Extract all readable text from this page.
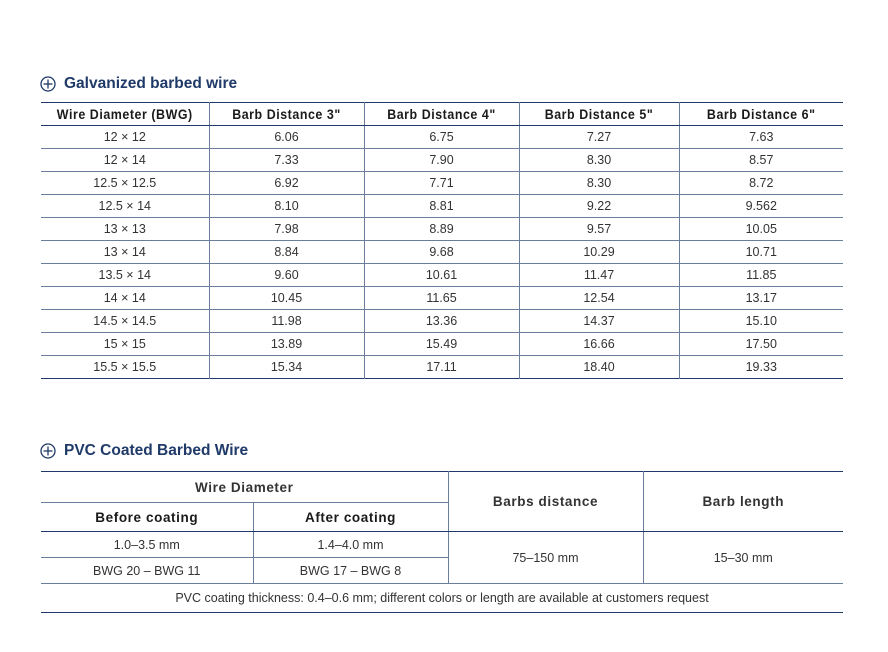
Galvanized barbed wire
Wire Diameter (BWG)	Barb Distance 3"	Barb Distance 4"	Barb Distance 5"	Barb Distance 6"
12 × 12	6.06	6.75	7.27	7.63
12 × 14	7.33	7.90	8.30	8.57
12.5 × 12.5	6.92	7.71	8.30	8.72
12.5 × 14	8.10	8.81	9.22	9.562
13 × 13	7.98	8.89	9.57	10.05
13 × 14	8.84	9.68	10.29	10.71
13.5 × 14	9.60	10.61	11.47	11.85
14 × 14	10.45	11.65	12.54	13.17
14.5 × 14.5	11.98	13.36	14.37	15.10
15 × 15	13.89	15.49	16.66	17.50
15.5 × 15.5	15.34	17.11	18.40	19.33
PVC Coated Barbed Wire
Wire Diameter		Barbs distance	Barb length
Before coating	After coating		
1.0–3.5 mm	1.4–4.0 mm	75–150 mm	15–30 mm
BWG 20 – BWG 11	BWG 17 – BWG 8		
PVC coating thickness: 0.4–0.6 mm; different colors or length are available at customers request			
